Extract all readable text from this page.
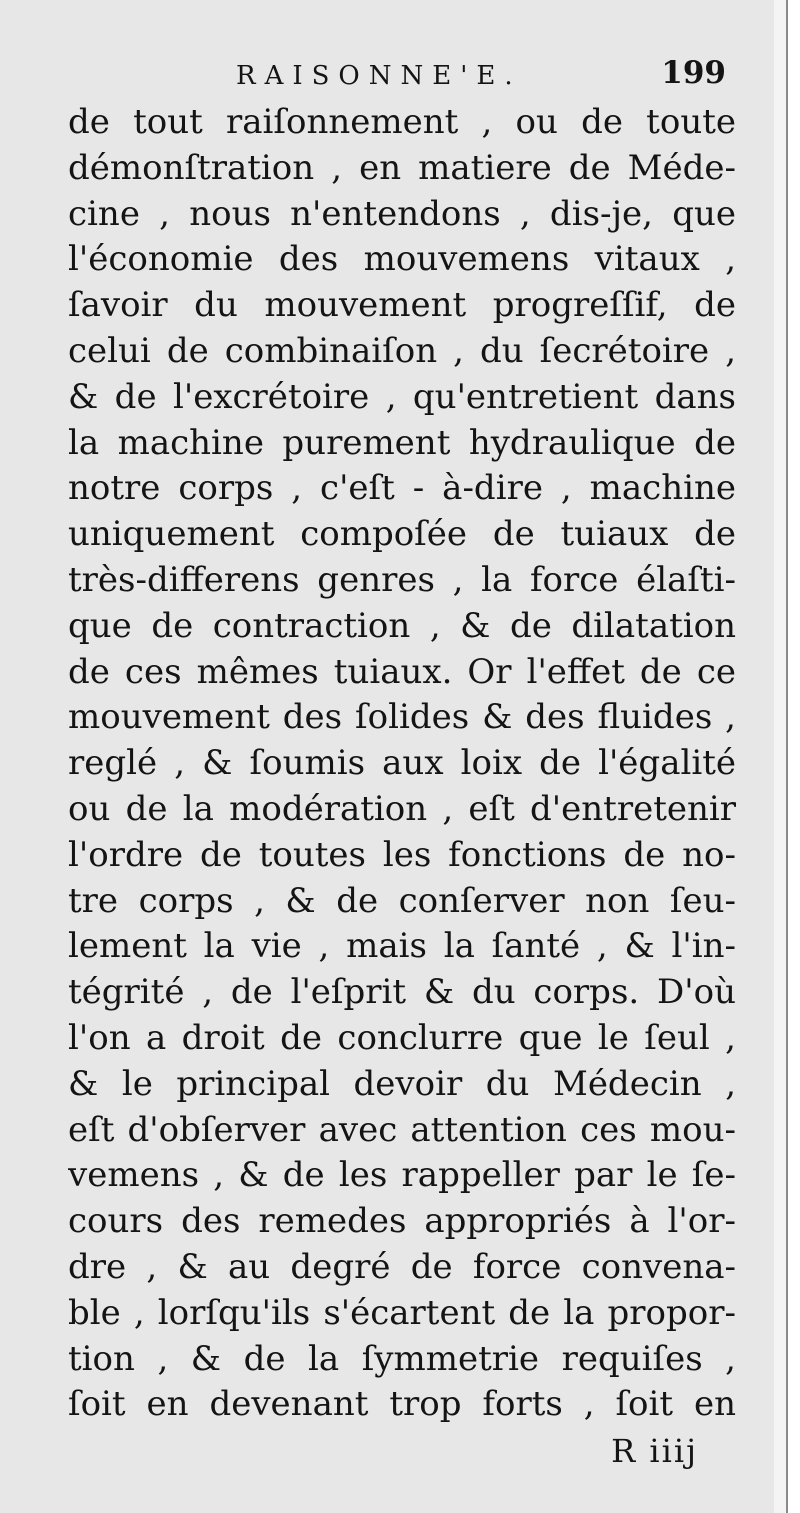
RAISONNE'E.	199
de tout raiſonnement , ou de toute
démonſtration , en matiere de Méde-
cine , nous n'entendons , dis-je, que
l'économie des mouvemens vitaux ,
ſavoir du mouvement progreſſif, de
celui de combinaiſon , du ſecrétoire ,
& de l'excrétoire , qu'entretient dans
la machine purement hydraulique de
notre corps , c'eſt - à-dire , machine
uniquement compoſée de tuiaux de
très-differens genres , la force élaſti-
que de contraction , & de dilatation
de ces mêmes tuiaux. Or l'effet de ce
mouvement des ſolides & des fluides ,
reglé , & ſoumis aux loix de l'égalité
ou de la modération , eſt d'entretenir
l'ordre de toutes les fonctions de no-
tre corps , & de conſerver non ſeu-
lement la vie , mais la ſanté , & l'in-
tégrité , de l'eſprit & du corps. D'où
l'on a droit de conclurre que le ſeul ,
& le principal devoir du Médecin ,
eſt d'obſerver avec attention ces mou-
vemens , & de les rappeller par le ſe-
cours des remedes appropriés à l'or-
dre , & au degré de force convena-
ble , lorſqu'ils s'écartent de la propor-
tion , & de la ſymmetrie requiſes ,
ſoit en devenant trop forts , ſoit en
R iiij
